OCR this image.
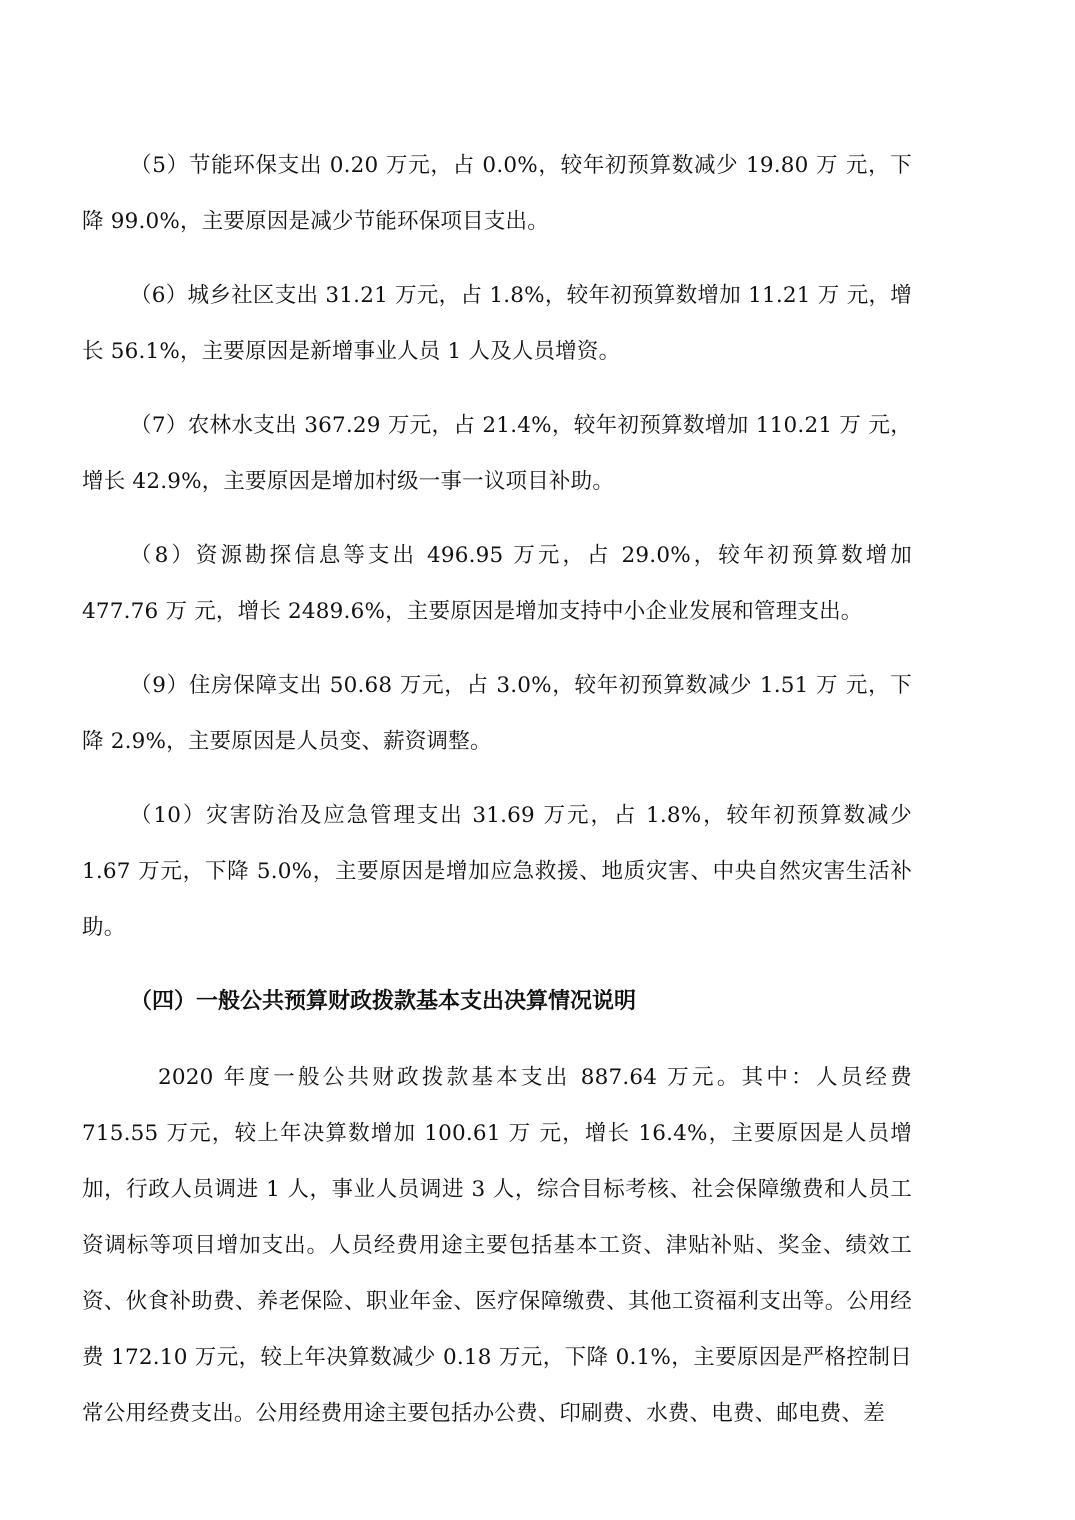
（5）节能环保支出 0.20 万元，占 0.0%，较年初预算数减少 19.80 万 元，下降 99.0%，主要原因是减少节能环保项目支出。

（6）城乡社区支出 31.21 万元，占 1.8%，较年初预算数增加 11.21 万 元，增长 56.1%，主要原因是新增事业人员 1 人及人员增资。

（7）农林水支出 367.29 万元，占 21.4%，较年初预算数增加 110.21 万 元，增长 42.9%，主要原因是增加村级一事一议项目补助。

（8）资源勘探信息等支出 496.95 万元，占 29.0%，较年初预算数增加 477.76 万 元，增长 2489.6%，主要原因是增加支持中小企业发展和管理支出。

（9）住房保障支出 50.68 万元，占 3.0%，较年初预算数减少 1.51 万 元，下降 2.9%，主要原因是人员变、薪资调整。

（10）灾害防治及应急管理支出 31.69 万元，占 1.8%，较年初预算数减少 1.67 万元，下降 5.0%，主要原因是增加应急救援、地质灾害、中央自然灾害生活补助。

（四）一般公共预算财政拨款基本支出决算情况说明

2020 年度一般公共财政拨款基本支出 887.64 万元。其中：人员经费 715.55 万元，较上年决算数增加 100.61 万 元，增长 16.4%，主要原因是人员增加，行政人员调进 1 人，事业人员调进 3 人，综合目标考核、社会保障缴费和人员工资调标等项目增加支出。人员经费用途主要包括基本工资、津贴补贴、奖金、绩效工资、伙食补助费、养老保险、职业年金、医疗保障缴费、其他工资福利支出等。公用经费 172.10 万元，较上年决算数减少 0.18 万元，下降 0.1%，主要原因是严格控制日常公用经费支出。公用经费用途主要包括办公费、印刷费、水费、电费、邮电费、差
